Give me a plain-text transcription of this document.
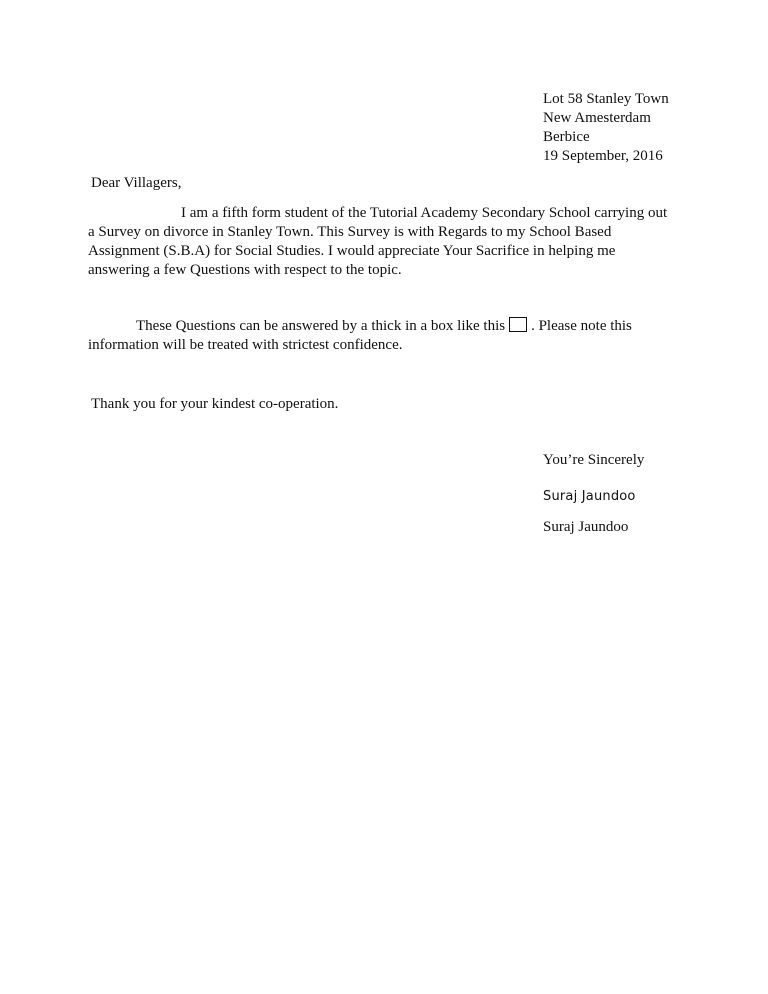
Lot 58 Stanley Town
New Amesterdam
Berbice
19 September, 2016
Dear Villagers,
I am a fifth form student of the Tutorial Academy Secondary School carrying out
a Survey on divorce in Stanley Town. This Survey is with Regards to my School Based
Assignment (S.B.A) for Social Studies. I would appreciate Your Sacrifice in helping me
answering a few Questions with respect to the topic.
These Questions can be answered by a thick in a box like this . Please note this
information will be treated with strictest confidence.
Thank you for your kindest co-operation.
You’re Sincerely
Suraj Jaundoo
Suraj Jaundoo
